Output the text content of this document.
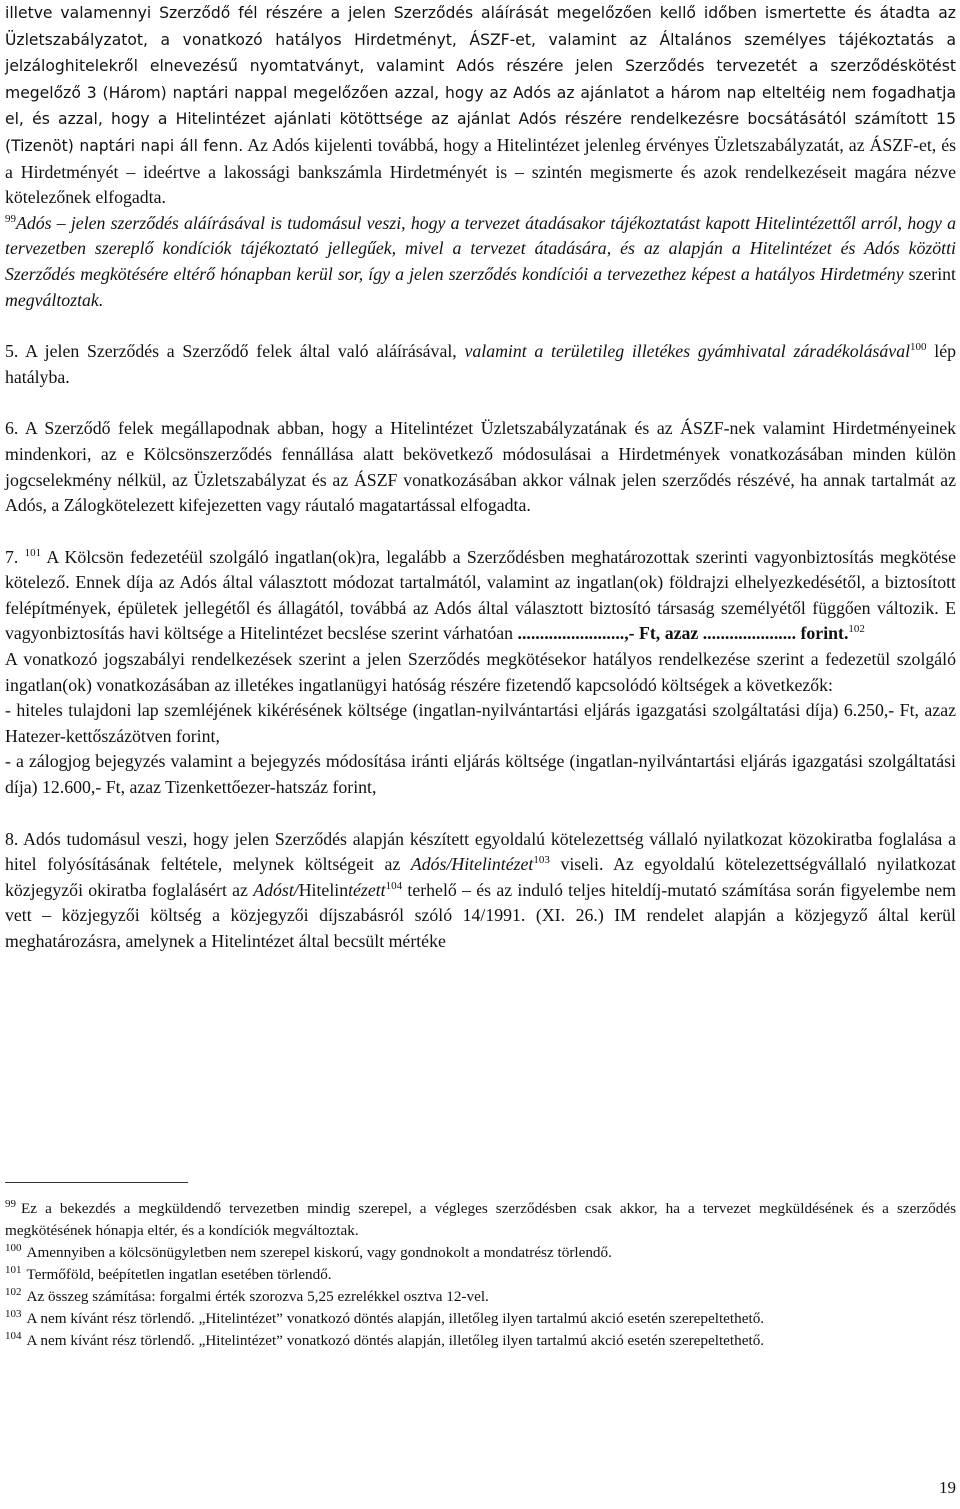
illetve valamennyi Szerződő fél részére a jelen Szerződés aláírását megelőzően kellő időben ismertette és átadta az Üzletszabályzatot, a vonatkozó hatályos Hirdetményt, ÁSZF-et, valamint az Általános személyes tájékoztatás a jelzáloghitelekről elnevezésű nyomtatványt, valamint Adós részére jelen Szerződés tervezetét a szerződéskötést megelőző 3 (Három) naptári nappal megelőzően azzal, hogy az Adós az ajánlatot a három nap elteltéig nem fogadhatja el, és azzal, hogy a Hitelintézet ajánlati kötöttsége az ajánlat Adós részére rendelkezésre bocsátásától számított 15 (Tizenöt) naptári napi áll fenn. Az Adós kijelenti továbbá, hogy a Hitelintézet jelenleg érvényes Üzletszabályzatát, az ÁSZF-et, és a Hirdetményét – ideértve a lakossági bankszámla Hirdetményét is – szintén megismerte és azok rendelkezéseit magára nézve kötelezőnek elfogadta.
$^{99}$Adós – jelen szerződés aláírásával is tudomásul veszi, hogy a tervezet átadásakor tájékoztatást kapott Hitelintézettől arról, hogy a tervezetben szereplő kondíciók tájékoztató jellegűek, mivel a tervezet átadására, és az alapján a Hitelintézet és Adós közötti Szerződés megkötésére eltérő hónapban kerül sor, így a jelen szerződés kondíciói a tervezethez képest a hatályos Hirdetmény szerint megváltoztak.

5. A jelen Szerződés a Szerződő felek által való aláírásával, valamint a területileg illetékes gyámhivatal záradékolásával$^{100}$ lép hatályba.

6. A Szerződő felek megállapodnak abban, hogy a Hitelintézet Üzletszabályzatának és az ÁSZF-nek valamint Hirdetményeinek mindenkori, az e Kölcsönszerződés fennállása alatt bekövetkező módosulásai a Hirdetmények vonatkozásában minden külön jogcselekmény nélkül, az Üzletszabályzat és az ÁSZF vonatkozásában akkor válnak jelen szerződés részévé, ha annak tartalmát az Adós, a Zálogkötelezett kifejezetten vagy ráutaló magatartással elfogadta.

7. $^{101}$ A Kölcsön fedezetéül szolgáló ingatlan(ok)ra, legalább a Szerződésben meghatározottak szerinti vagyonbiztosítás megkötése kötelező. Ennek díja az Adós által választott módozat tartalmától, valamint az ingatlan(ok) földrajzi elhelyezkedésétől, a biztosított felépítmények, épületek jellegétől és állagától, továbbá az Adós által választott biztosító társaság személyétől függően változik. E vagyonbiztosítás havi költsége a Hitelintézet becslése szerint várhatóan ........................,- Ft, azaz ..................... forint.$^{102}$

A vonatkozó jogszabályi rendelkezések szerint a jelen Szerződés megkötésekor hatályos rendelkezése szerint a fedezetül szolgáló ingatlan(ok) vonatkozásában az illetékes ingatlanügyi hatóság részére fizetendő kapcsolódó költségek a következők:

- hiteles tulajdoni lap szemléjének kikérésének költsége (ingatlan-nyilvántartási eljárás igazgatási szolgáltatási díja) 6.250,- Ft, azaz Hatezer-kettőszázötven forint,

- a zálogjog bejegyzés valamint a bejegyzés módosítása iránti eljárás költsége (ingatlan-nyilvántartási eljárás igazgatási szolgáltatási díja) 12.600,- Ft, azaz Tizenkettőezer-hatszáz forint,

8. Adós tudomásul veszi, hogy jelen Szerződés alapján készített egyoldalú kötelezettség vállaló nyilatkozat közokiratba foglalása a hitel folyósításának feltétele, melynek költségeit az Adós/Hitelintézet$^{103}$ viseli. Az egyoldalú kötelezettségvállaló nyilatkozat közjegyzői okiratba foglalásért az Adóst/Hitelintézett$^{104}$ terhelő – és az induló teljes hiteldíj-mutató számítása során figyelembe nem vett – közjegyzői költség a közjegyzői díjszabásról szóló 14/1991. (XI. 26.) IM rendelet alapján a közjegyző által kerül meghatározásra, amelynek a Hitelintézet által becsült mértéke

$^{99}$ Ez a bekezdés a megküldendő tervezetben mindig szerepel, a végleges szerződésben csak akkor, ha a tervezet megküldésének és a szerződés megkötésének hónapja eltér, és a kondíciók megváltoztak.

$^{100}$ Amennyiben a kölcsönügyletben nem szerepel kiskorú, vagy gondnokolt a mondatrész törlendő.

$^{101}$ Termőföld, beépítetlen ingatlan esetében törlendő.

$^{102}$ Az összeg számítása: forgalmi érték szorozva 5,25 ezrelékkel osztva 12-vel.

$^{103}$ A nem kívánt rész törlendő. „Hitelintézet” vonatkozó döntés alapján, illetőleg ilyen tartalmú akció esetén szerepeltethető.

$^{104}$ A nem kívánt rész törlendő. „Hitelintézet” vonatkozó döntés alapján, illetőleg ilyen tartalmú akció esetén szerepeltethető.

19
